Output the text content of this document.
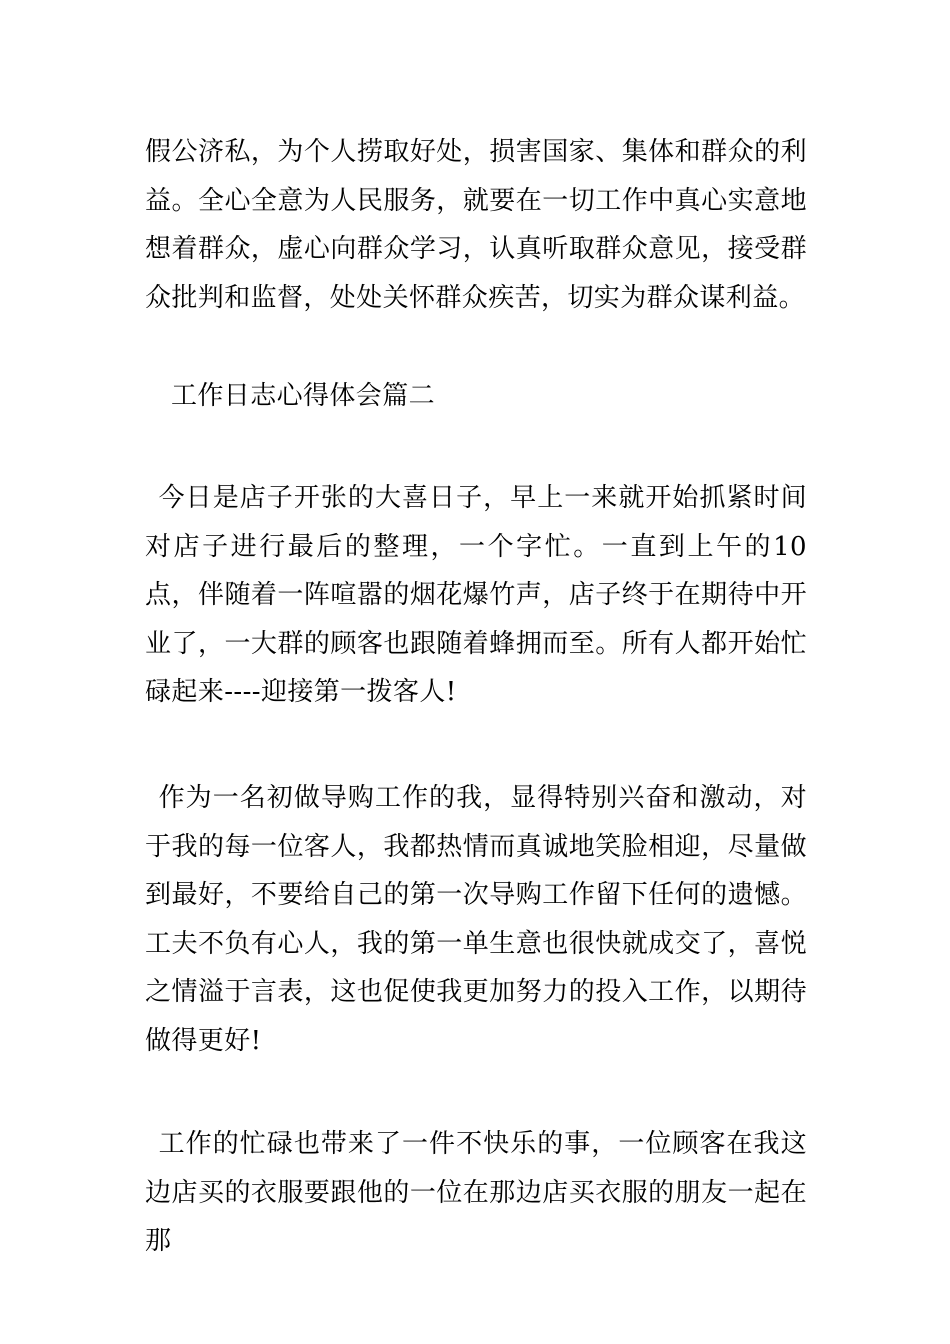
假公济私，为个人捞取好处，损害国家、集体和群众的利益。全心全意为人民服务，就要在一切工作中真心实意地想着群众，虚心向群众学习，认真听取群众意见，接受群众批判和监督，处处关怀群众疾苦，切实为群众谋利益。

工作日志心得体会篇二

今日是店子开张的大喜日子，早上一来就开始抓紧时间对店子进行最后的整理，一个字忙。一直到上午的10点，伴随着一阵喧嚣的烟花爆竹声，店子终于在期待中开业了，一大群的顾客也跟随着蜂拥而至。所有人都开始忙碌起来----迎接第一拨客人!

作为一名初做导购工作的我，显得特别兴奋和激动，对于我的每一位客人，我都热情而真诚地笑脸相迎，尽量做到最好，不要给自己的第一次导购工作留下任何的遗憾。工夫不负有心人，我的第一单生意也很快就成交了，喜悦之情溢于言表，这也促使我更加努力的投入工作，以期待做得更好!

工作的忙碌也带来了一件不快乐的事，一位顾客在我这边店买的衣服要跟他的一位在那边店买衣服的朋友一起在那
